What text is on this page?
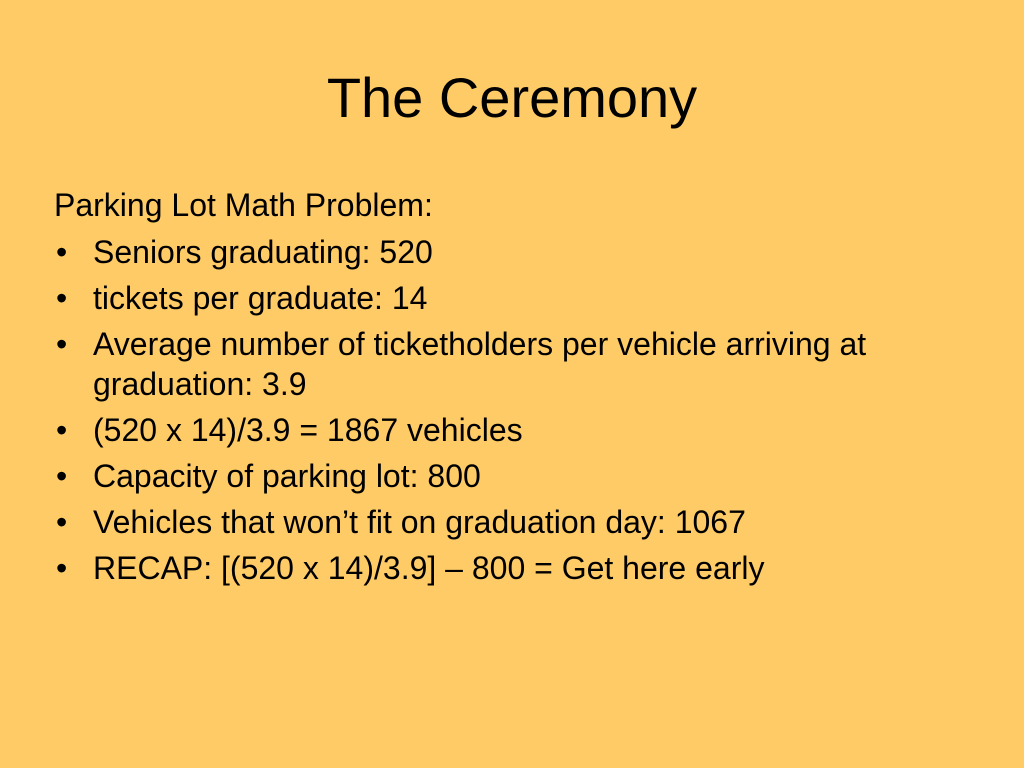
The Ceremony
Parking Lot Math Problem:
• Seniors graduating: 520
• tickets per graduate: 14
• Average number of ticketholders per vehicle arriving at graduation: 3.9
• (520 x 14)/3.9 = 1867 vehicles
• Capacity of parking lot: 800
• Vehicles that won’t fit on graduation day: 1067
• RECAP: [(520 x 14)/3.9] – 800 = Get here early
